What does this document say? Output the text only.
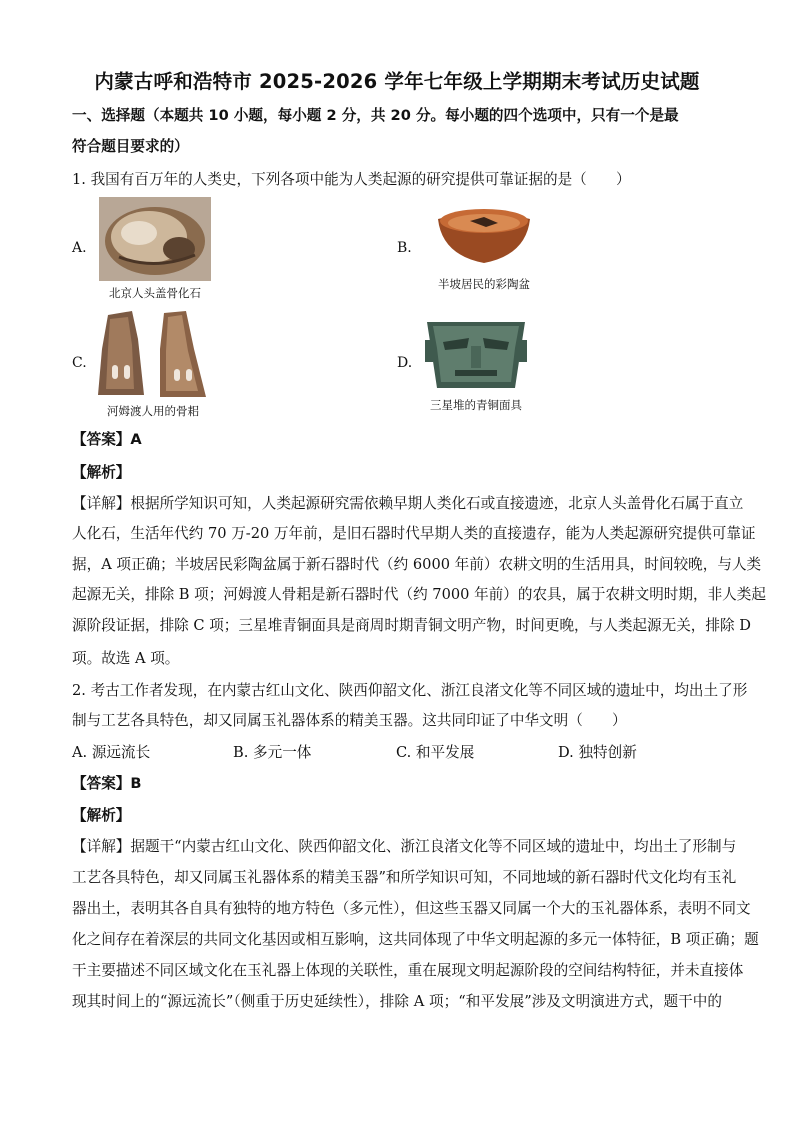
内蒙古呼和浩特市 2025-2026 学年七年级上学期期末考试历史试题
一、选择题（本题共 10 小题，每小题 2 分，共 20 分。每小题的四个选项中，只有一个是最
符合题目要求的）
1. 我国有百万年的人类史，下列各项中能为人类起源的研究提供可靠证据的是（　　）
A.
北京人头盖骨化石
B.
半坡居民的彩陶盆
C.
河姆渡人用的骨耜
D.
三星堆的青铜面具
【答案】A
【解析】
【详解】根据所学知识可知，人类起源研究需依赖早期人类化石或直接遗迹，北京人头盖骨化石属于直立
人化石，生活年代约 70 万-20 万年前，是旧石器时代早期人类的直接遗存，能为人类起源研究提供可靠证
据，A 项正确；半坡居民彩陶盆属于新石器时代（约 6000 年前）农耕文明的生活用具，时间较晚，与人类
起源无关，排除 B 项；河姆渡人骨耜是新石器时代（约 7000 年前）的农具，属于农耕文明时期，非人类起
源阶段证据，排除 C 项；三星堆青铜面具是商周时期青铜文明产物，时间更晚，与人类起源无关，排除 D
项。故选 A 项。
2. 考古工作者发现，在内蒙古红山文化、陕西仰韶文化、浙江良渚文化等不同区域的遗址中，均出土了形
制与工艺各具特色，却又同属玉礼器体系的精美玉器。这共同印证了中华文明（　　）
A. 源远流长	B. 多元一体	C. 和平发展	D. 独特创新
【答案】B
【解析】
【详解】据题干“内蒙古红山文化、陕西仰韶文化、浙江良渚文化等不同区域的遗址中，均出土了形制与
工艺各具特色，却又同属玉礼器体系的精美玉器”和所学知识可知，不同地域的新石器时代文化均有玉礼
器出土，表明其各自具有独特的地方特色（多元性），但这些玉器又同属一个大的玉礼器体系，表明不同文
化之间存在着深层的共同文化基因或相互影响，这共同体现了中华文明起源的多元一体特征，B 项正确；题
干主要描述不同区域文化在玉礼器上体现的关联性，重在展现文明起源阶段的空间结构特征，并未直接体
现其时间上的“源远流长”（侧重于历史延续性），排除 A 项；“和平发展”涉及文明演进方式，题干中的
